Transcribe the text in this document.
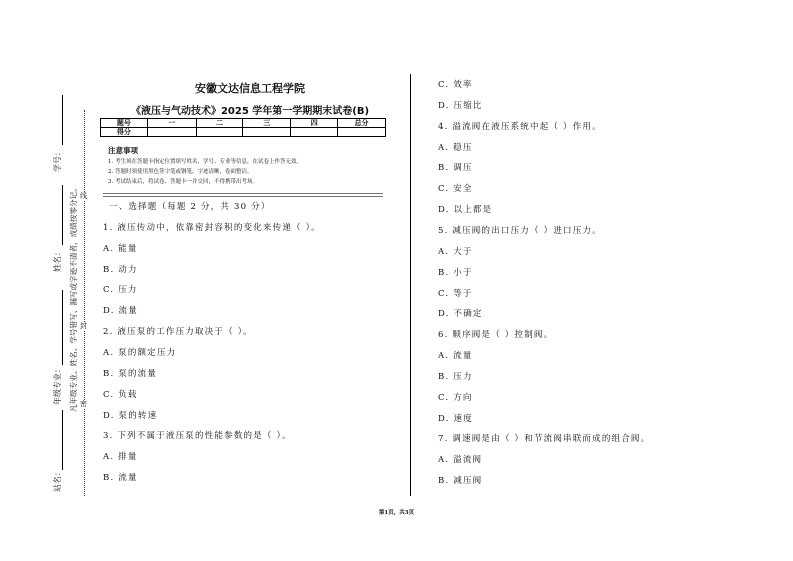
安徽文达信息工程学院
《液压与气动技术》2025 学年第一学期期末试卷(B)
题号	一	二	三	四	总分
得分					
注意事项
1. 考生须在答题卡指定位置填写姓名、学号、专业等信息，在试卷上作答无效。
2. 答题时须使用黑色签字笔或钢笔，字迹清晰，卷面整洁。
3. 考试结束后，将试卷、答题卡一并交回，不得携带出考场。
一、选择题（每题 2 分，共 30 分）
1. 液压传动中，依靠密封容积的变化来传递（ ）。
A. 能量
B. 动力
C. 压力
D. 流量
2. 液压泵的工作压力取决于（ ）。
A. 泵的额定压力
B. 泵的流量
C. 负载
D. 泵的转速
3. 下列不属于液压泵的性能参数的是（ ）。
A. 排量
B. 流量
C. 效率
D. 压缩比
4. 溢流阀在液压系统中起（ ）作用。
A. 稳压
B. 调压
C. 安全
D. 以上都是
5. 减压阀的出口压力（ ）进口压力。
A. 大于
B. 小于
C. 等于
D. 不确定
6. 顺序阀是（ ）控制阀。
A. 流量
B. 压力
C. 方向
D. 速度
7. 调速阀是由（ ）和节流阀串联而成的组合阀。
A. 溢流阀
B. 减压阀
学号：
姓名：
年级专业：
站名：
凡年级专业、姓名、学号错写、漏写或字迹不清者，成绩按零分记。 密
封
线
第1页，共3页
